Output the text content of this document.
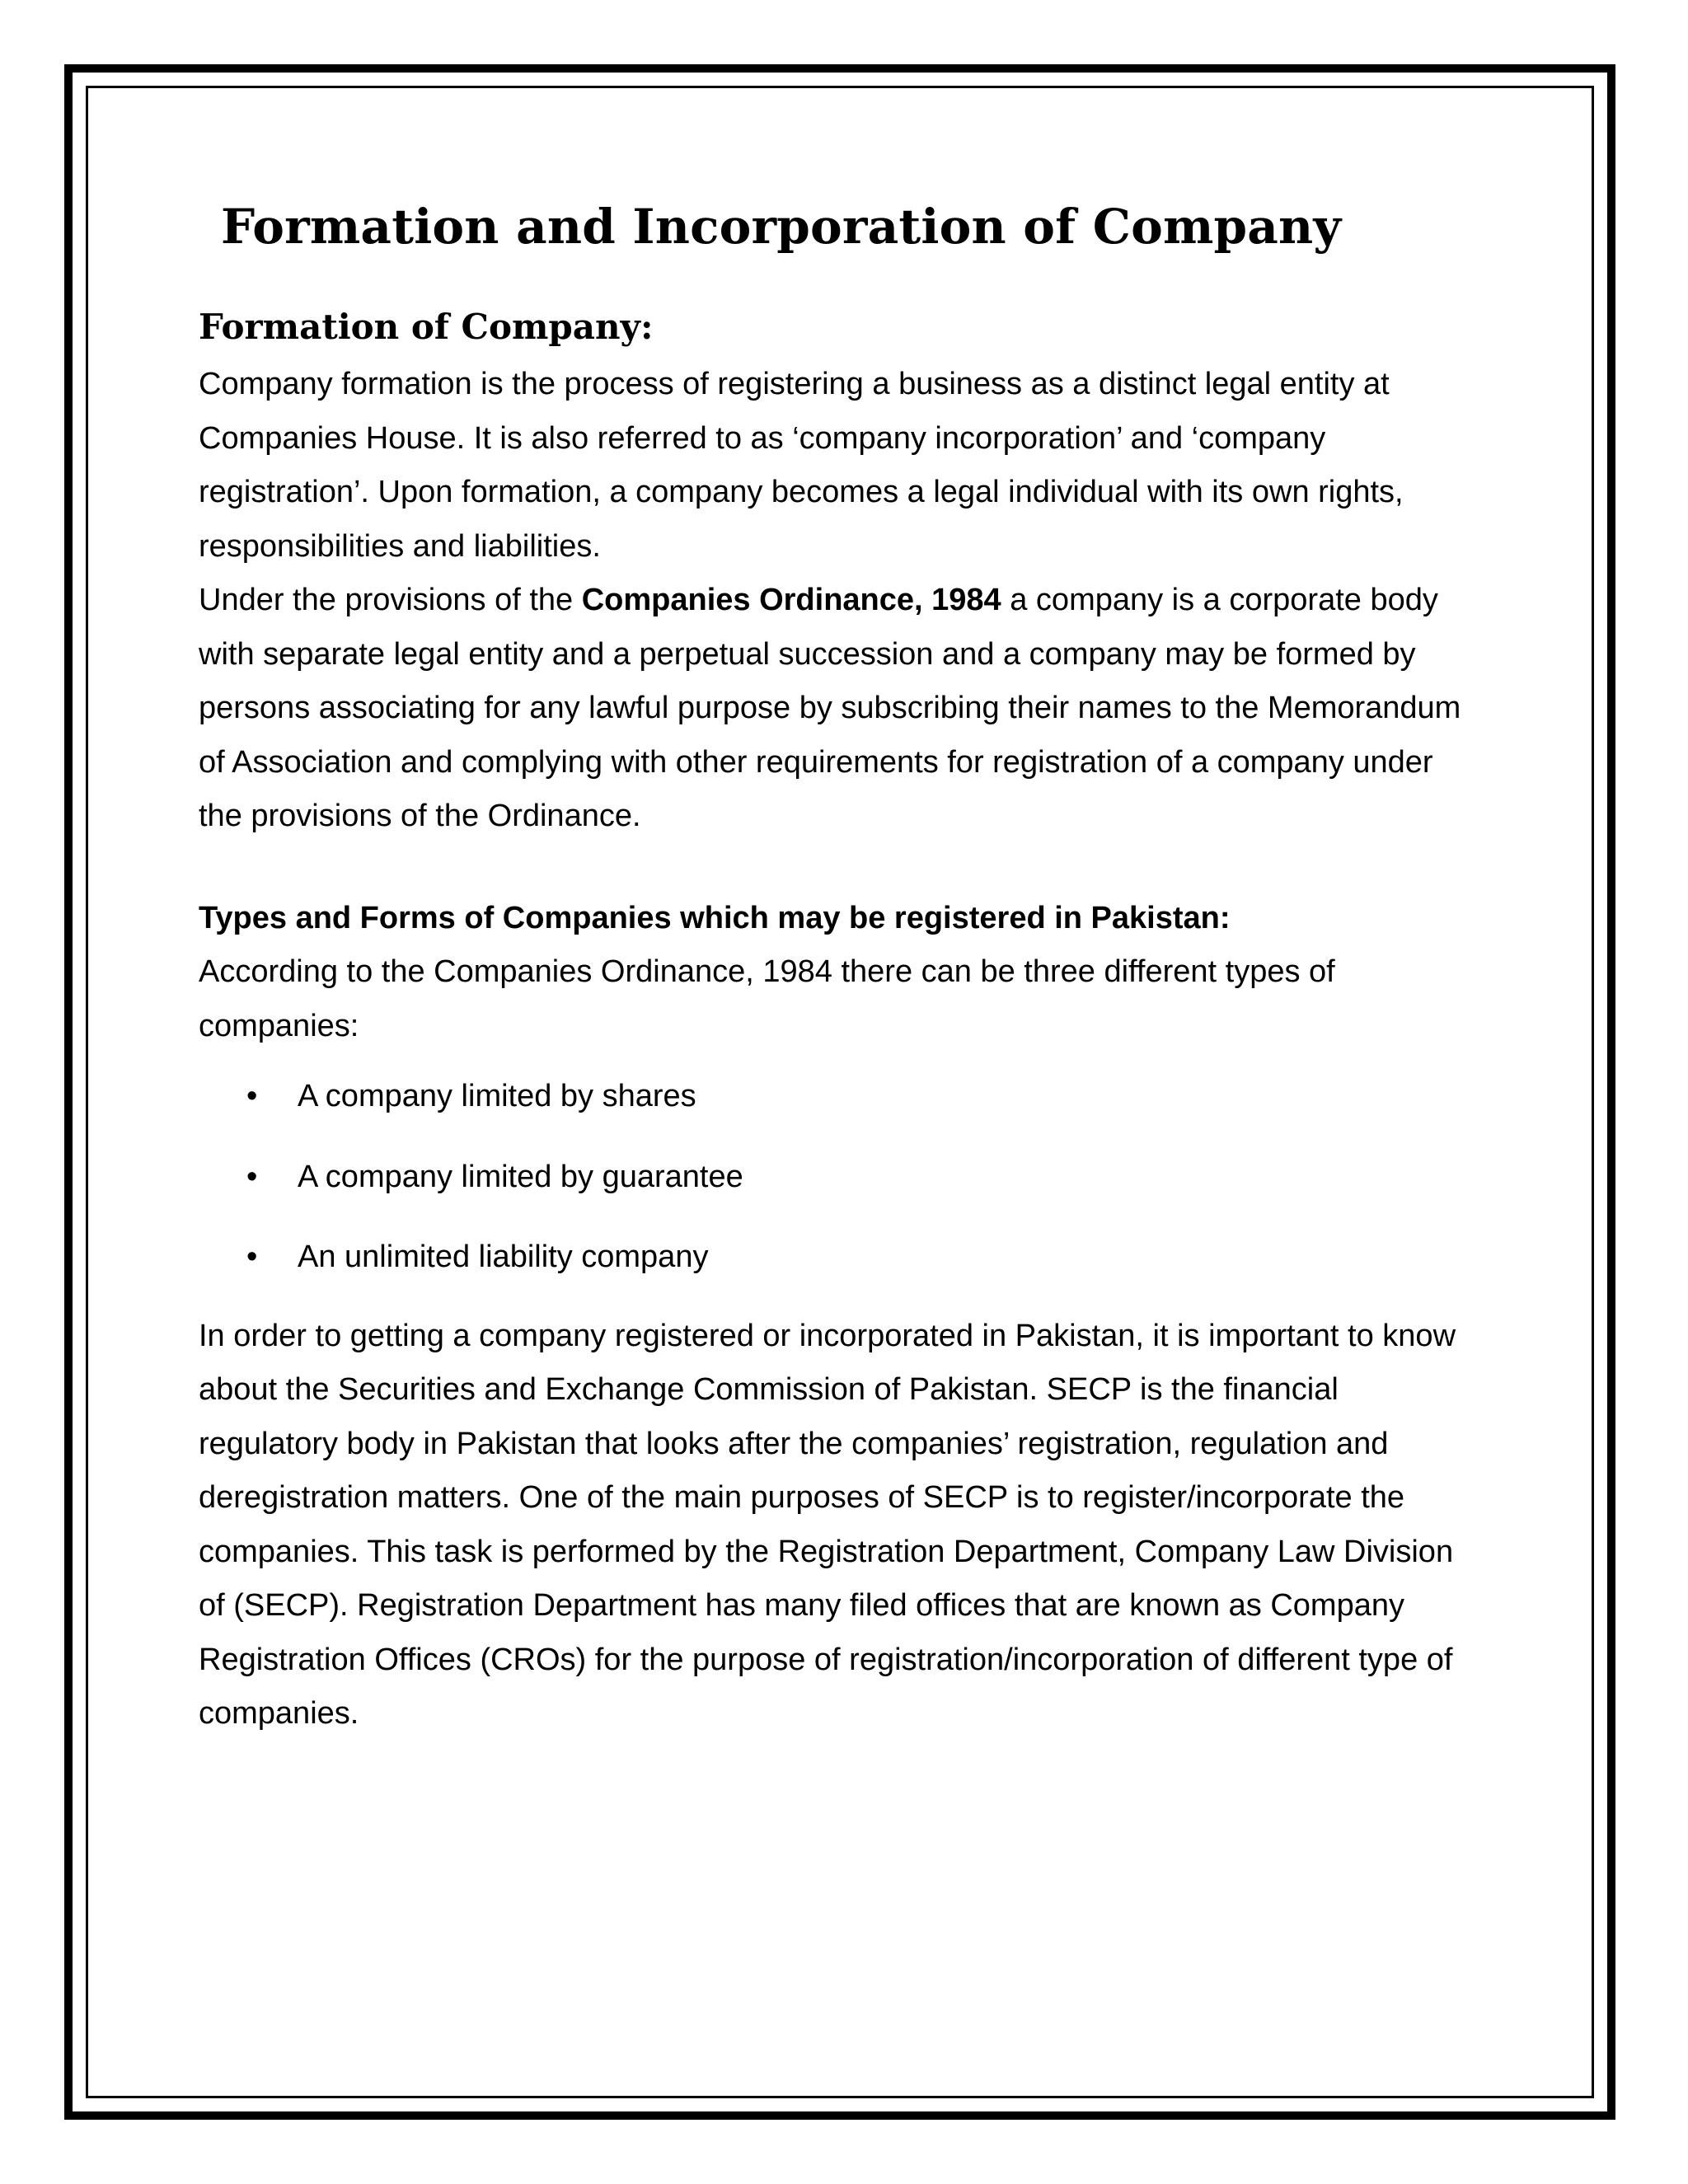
Formation and Incorporation of Company
Formation of Company:

Company formation is the process of registering a business as a distinct legal entity at Companies House. It is also referred to as ‘company incorporation’ and ‘company registration’. Upon formation, a company becomes a legal individual with its own rights, responsibilities and liabilities.

Under the provisions of the Companies Ordinance, 1984 a company is a corporate body with separate legal entity and a perpetual succession and a company may be formed by persons associating for any lawful purpose by subscribing their names to the Memorandum of Association and complying with other requirements for registration of a company under the provisions of the Ordinance.

Types and Forms of Companies which may be registered in Pakistan:

According to the Companies Ordinance, 1984 there can be three different types of companies:

• A company limited by shares
• A company limited by guarantee
• An unlimited liability company

In order to getting a company registered or incorporated in Pakistan, it is important to know about the Securities and Exchange Commission of Pakistan. SECP is the financial regulatory body in Pakistan that looks after the companies’ registration, regulation and deregistration matters. One of the main purposes of SECP is to register/incorporate the companies. This task is performed by the Registration Department, Company Law Division of (SECP). Registration Department has many filed offices that are known as Company Registration Offices (CROs) for the purpose of registration/incorporation of different type of companies.
